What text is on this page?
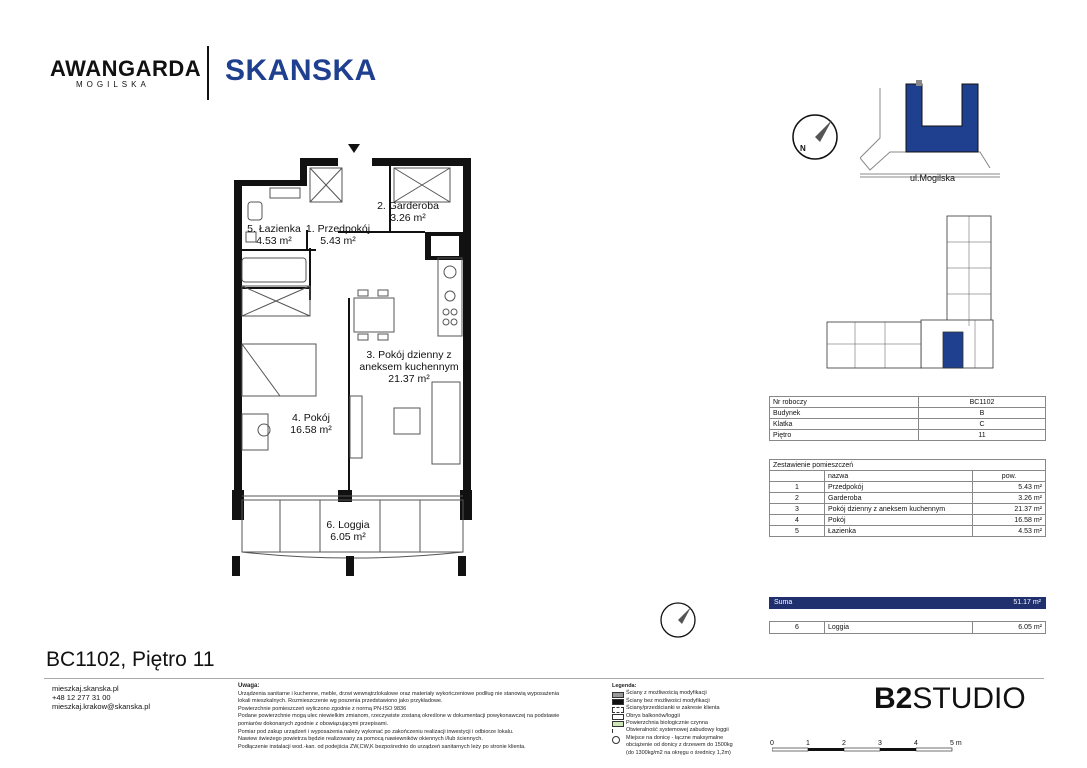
AWANGARDA
MOGILSKA	SKANSKA
2. Garderoba
3.26 m²
1. Przedpokój
5.43 m²
5. Łazienka
4.53 m²
3. Pokój dzienny z
aneksem kuchennym
21.37 m²
4. Pokój
16.58 m²
6. Loggia
6.05 m²
N
ul.Mogilska
Nr roboczy	BC1102
Budynek	B
Klatka	C
Piętro	11
Zestawienie pomieszczeń		
	nazwa	pow.
1	Przedpokój	5.43 m²
2	Garderoba	3.26 m²
3	Pokój dzienny z aneksem kuchennym	21.37 m²
4	Pokój	16.58 m²
5	Łazienka	4.53 m²
Suma	51.17 m²
6	Loggia	6.05 m²
BC1102, Piętro 11
mieszkaj.skanska.pl
+48 12 277 31 00
mieszkaj.krakow@skanska.pl
Uwaga:
Urządzenia sanitarne i kuchenne, meble, drzwi wewnątrzlokalowe oraz materiały wykończeniowe podlług nie stanowią wyposażenia
lokali mieszkalnych. Rozmieszczenie wg poszenia przedstawiono jako przykładowe.
Powierzchnie pomieszczeń wyliczono zgodnie z normą PN-ISO 9836
Podane powierzchnie mogą ulec niewielkim zmianom, rzeczywiste zostaną określone w dokumentacji powykonawczej na podstawie
pomiarów dokonanych zgodnie z obowiązującymi przepisami.
Pomiar pod zakup urządzeń i wyposażenia należy wykonać po zakończeniu realizacji inwestycji i odbiorze lokalu.
Nawiew świeżego powietrza będzie realizowany za pomocą nawiewników okiennych i/lub ściennych.
Podłączenie instalacji wod.-kan. od podejścia ZW,CW,K bezpośrednio do urządzeń sanitarnych leży po stronie klienta.
Legenda:
Ściany z możliwością modyfikacji
Ściany bez możliwości modyfikacji
Ściany/przedścianki w zakresie klienta
Obrys balkonów/loggii
Powierzchnia biologicznie czynna
Otwieralność systemowej zabudowy loggii
Miejsce na donicę - łączne maksymalne
obciążenie od donicy z drzewem do 1500kg
(do 1300kg/m2 na okręgu o średnicy 1,2m)
B2STUDIO
0	1	2	3	4	5 m
